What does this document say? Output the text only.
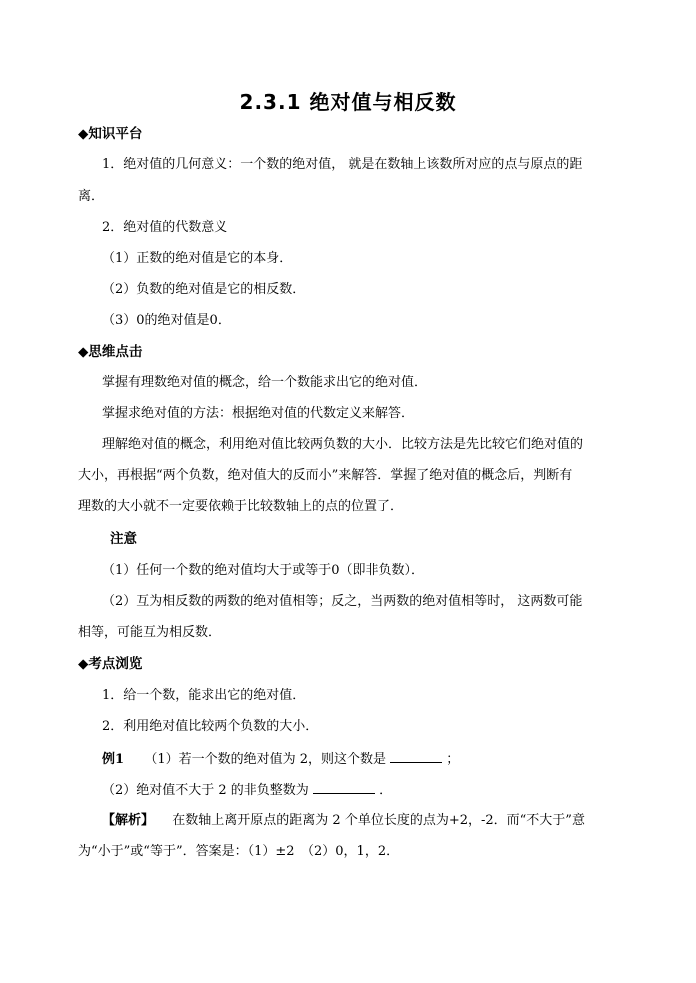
2.3.1 绝对值与相反数
◆知识平台
1．绝对值的几何意义：一个数的绝对值， 就是在数轴上该数所对应的点与原点的距
离．
2．绝对值的代数意义
（1）正数的绝对值是它的本身．
（2）负数的绝对值是它的相反数．
（3）0的绝对值是0．
◆思维点击
掌握有理数绝对值的概念，给一个数能求出它的绝对值．
掌握求绝对值的方法：根据绝对值的代数定义来解答．
理解绝对值的概念，利用绝对值比较两负数的大小．比较方法是先比较它们绝对值的
大小，再根据“两个负数，绝对值大的反而小”来解答．掌握了绝对值的概念后，判断有
理数的大小就不一定要依赖于比较数轴上的点的位置了．
注意
（1）任何一个数的绝对值均大于或等于0（即非负数）．
（2）互为相反数的两数的绝对值相等；反之，当两数的绝对值相等时， 这两数可能
相等，可能互为相反数．
◆考点浏览
1．给一个数，能求出它的绝对值．
2．利用绝对值比较两个负数的大小．
例1 （1）若一个数的绝对值为 2，则这个数是	；
（2）绝对值不大于 2 的非负整数为	．
【解析】 在数轴上离开原点的距离为 2 个单位长度的点为+2，-2．而“不大于”意
为“小于”或“等于”．答案是：（1）±2　（2）0，1，2．
